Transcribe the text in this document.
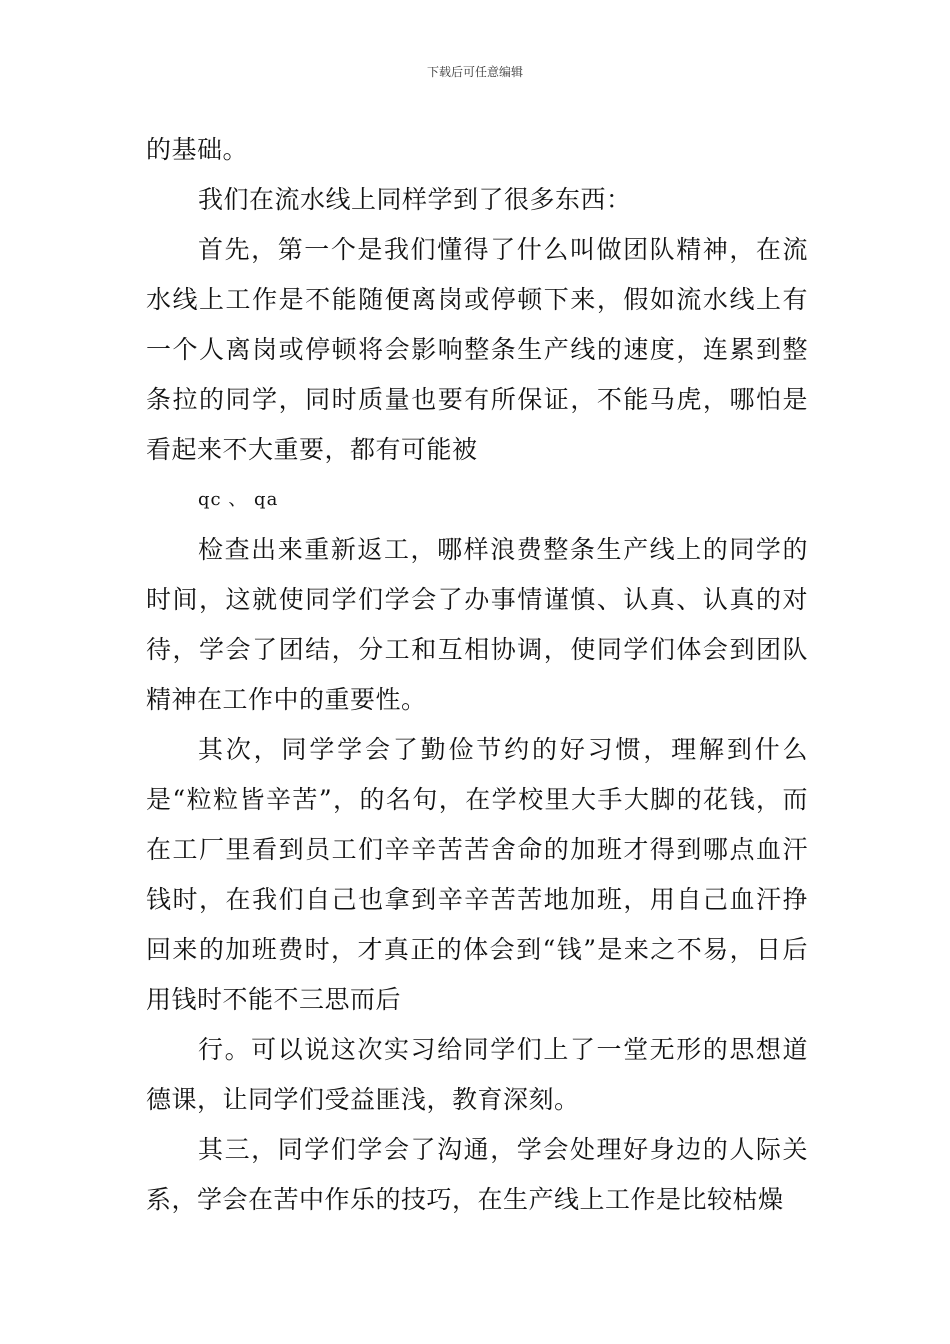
下载后可任意编辑

的基础。

我们在流水线上同样学到了很多东西：

首先，第一个是我们懂得了什么叫做团队精神，在流水线上工作是不能随便离岗或停顿下来，假如流水线上有一个人离岗或停顿将会影响整条生产线的速度，连累到整条拉的同学，同时质量也要有所保证，不能马虎，哪怕是看起来不大重要，都有可能被

qc 、 qa

检查出来重新返工，哪样浪费整条生产线上的同学的时间，这就使同学们学会了办事情谨慎、认真、认真的对待，学会了团结，分工和互相协调，使同学们体会到团队精神在工作中的重要性。

其次，同学学会了勤俭节约的好习惯，理解到什么是“粒粒皆辛苦”，的名句，在学校里大手大脚的花钱，而在工厂里看到员工们辛辛苦苦舍命的加班才得到哪点血汗钱时，在我们自己也拿到辛辛苦苦地加班，用自己血汗挣回来的加班费时，才真正的体会到“钱”是来之不易，日后用钱时不能不三思而后

行。可以说这次实习给同学们上了一堂无形的思想道德课，让同学们受益匪浅，教育深刻。

其三，同学们学会了沟通，学会处理好身边的人际关系，学会在苦中作乐的技巧，在生产线上工作是比较枯燥
